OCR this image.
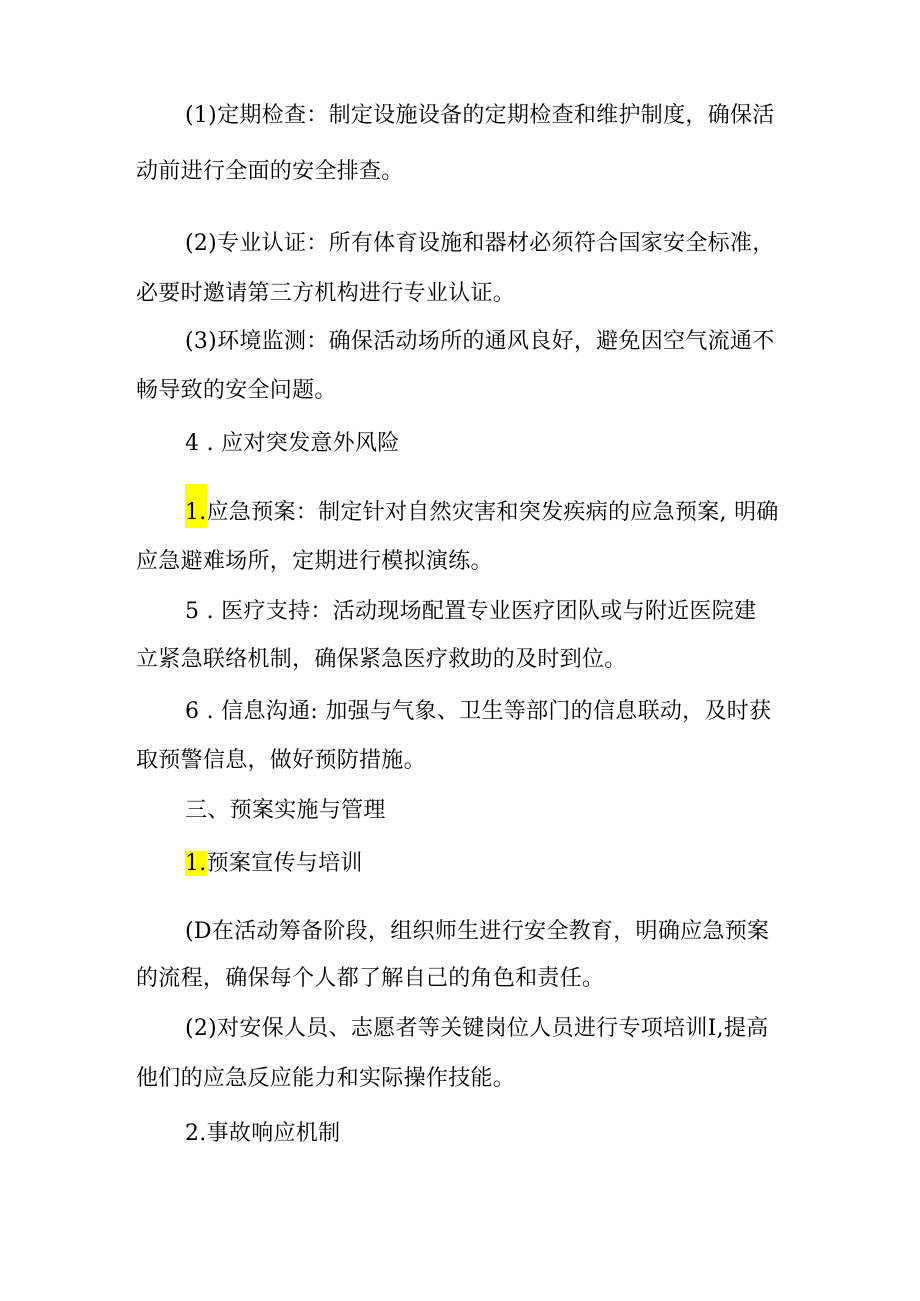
(1)定期检查：制定设施设备的定期检查和维护制度，确保活
动前进行全面的安全排查。
(2)专业认证：所有体育设施和器材必须符合国家安全标准，
必要时邀请第三方机构进行专业认证。
(3)环境监测：确保活动场所的通风良好，避免因空气流通不
畅导致的安全问题。
4 . 应对突发意外风险
1.应急预案：制定针对自然灾害和突发疾病的应急预案, 明确
应急避难场所，定期进行模拟演练。
5 . 医疗支持：活动现场配置专业医疗团队或与附近医院建
立紧急联络机制，确保紧急医疗救助的及时到位。
6 . 信息沟通: 加强与气象、卫生等部门的信息联动，及时获
取预警信息，做好预防措施。
三、预案实施与管理
1.预案宣传与培训
(D在活动筹备阶段，组织师生进行安全教育，明确应急预案
的流程，确保每个人都了解自己的角色和责任。
(2)对安保人员、志愿者等关键岗位人员进行专项培训I,提高
他们的应急反应能力和实际操作技能。
2.事故响应机制
